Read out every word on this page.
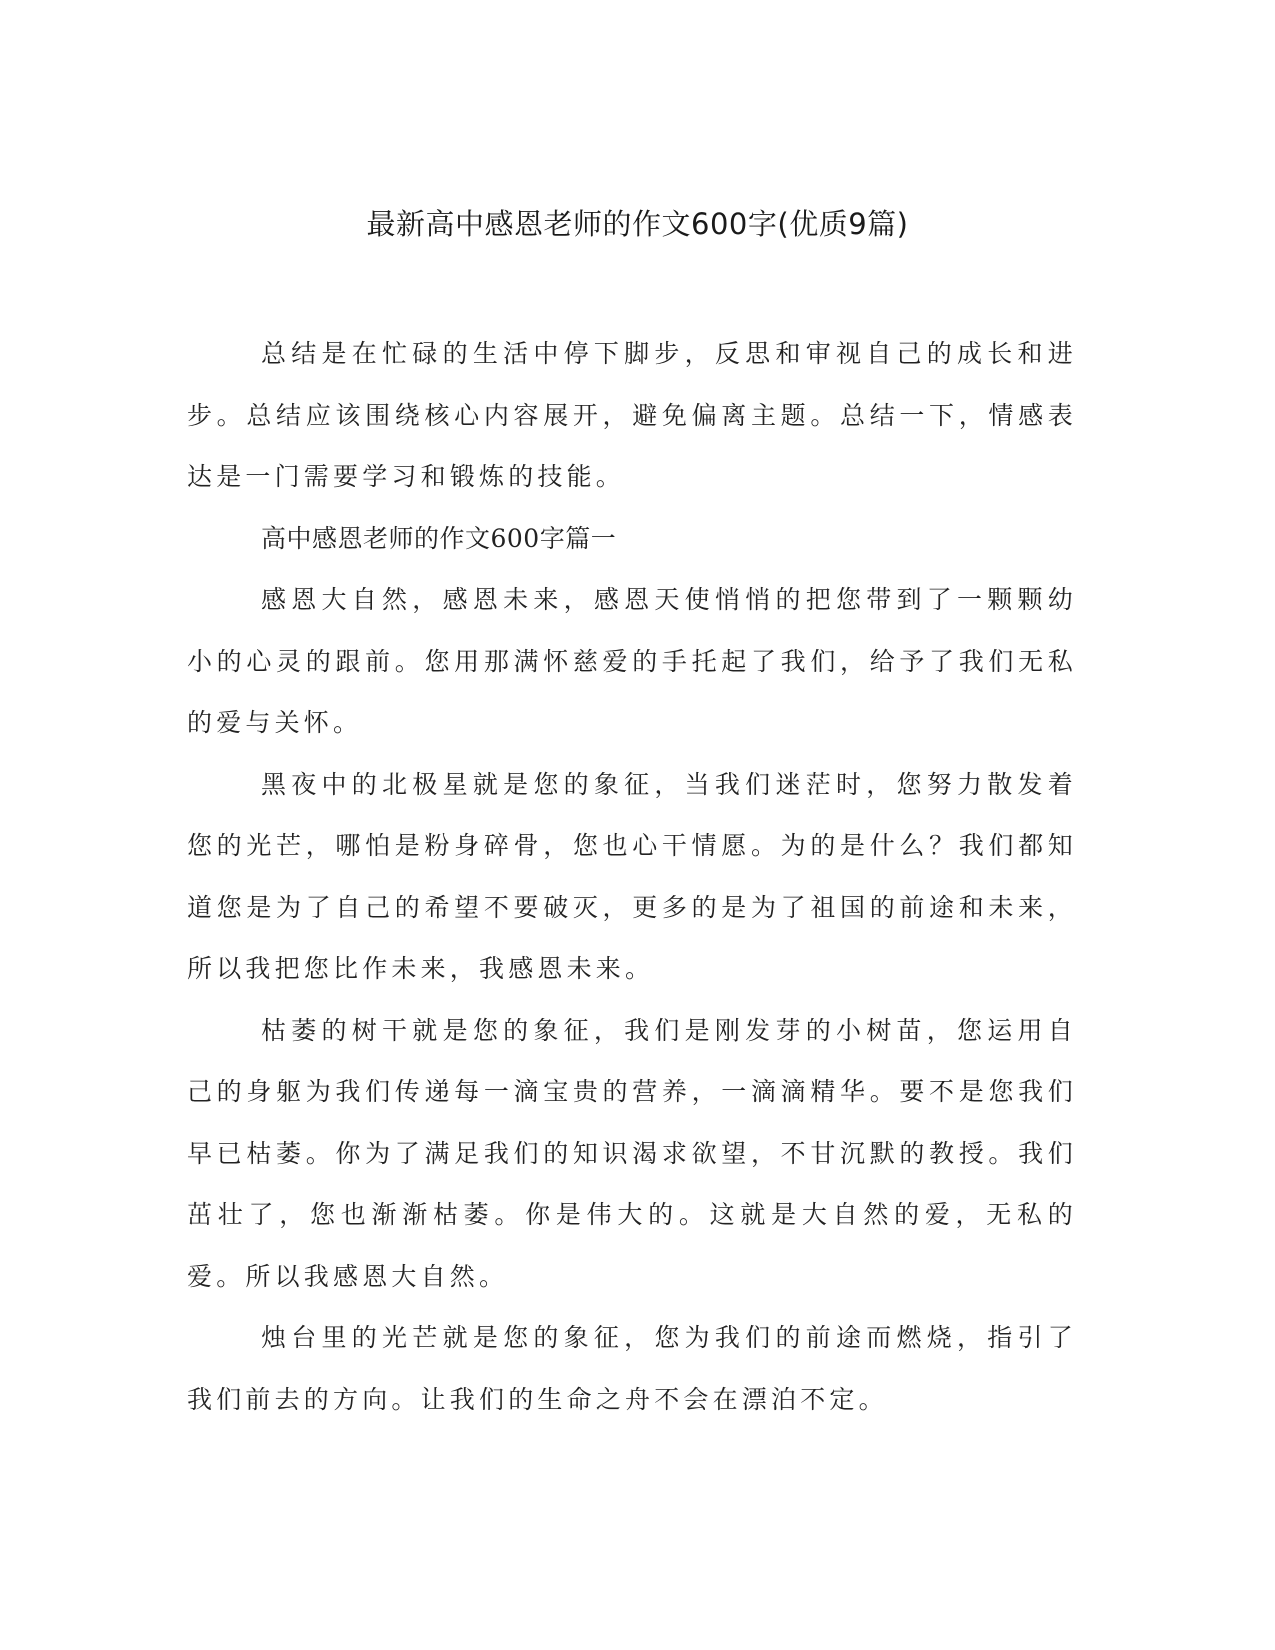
最新高中感恩老师的作文600字(优质9篇)

总结是在忙碌的生活中停下脚步，反思和审视自己的成长和进步。总结应该围绕核心内容展开，避免偏离主题。总结一下，情感表达是一门需要学习和锻炼的技能。

高中感恩老师的作文600字篇一

感恩大自然，感恩未来，感恩天使悄悄的把您带到了一颗颗幼小的心灵的跟前。您用那满怀慈爱的手托起了我们，给予了我们无私的爱与关怀。

黑夜中的北极星就是您的象征，当我们迷茫时，您努力散发着您的光芒，哪怕是粉身碎骨，您也心干情愿。为的是什么？我们都知道您是为了自己的希望不要破灭，更多的是为了祖国的前途和未来，所以我把您比作未来，我感恩未来。

枯萎的树干就是您的象征，我们是刚发芽的小树苗，您运用自己的身躯为我们传递每一滴宝贵的营养，一滴滴精华。要不是您我们早已枯萎。你为了满足我们的知识渴求欲望，不甘沉默的教授。我们茁壮了，您也渐渐枯萎。你是伟大的。这就是大自然的爱，无私的爱。所以我感恩大自然。

烛台里的光芒就是您的象征，您为我们的前途而燃烧，指引了我们前去的方向。让我们的生命之舟不会在漂泊不定。
